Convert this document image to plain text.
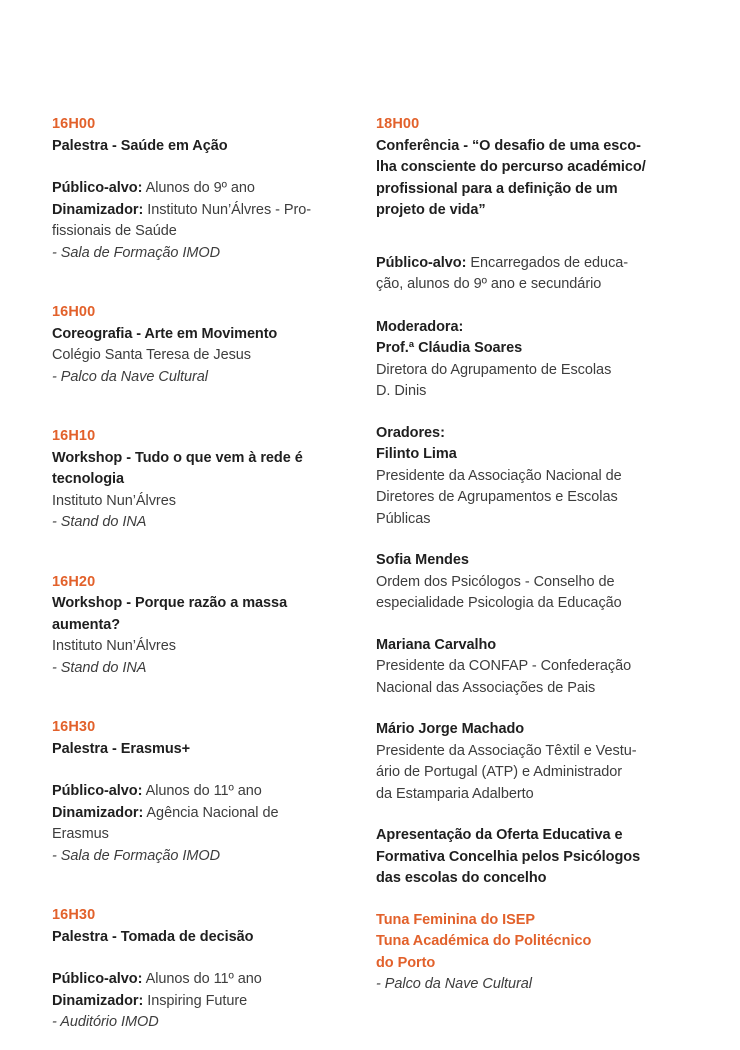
16H00
Palestra - Saúde em Ação
Público-alvo: Alunos do 9º ano
Dinamizador: Instituto Nun’Álvres - Pro-
fissionais de Saúde
- Sala de Formação IMOD
16H00
Coreografia - Arte em Movimento
Colégio Santa Teresa de Jesus
- Palco da Nave Cultural
16H10
Workshop - Tudo o que vem à rede é
tecnologia
Instituto Nun’Álvres
- Stand do INA
16H20
Workshop - Porque razão a massa
aumenta?
Instituto Nun’Álvres
- Stand do INA
16H30
Palestra - Erasmus+
Público-alvo: Alunos do 11º ano
Dinamizador: Agência Nacional de
Erasmus
- Sala de Formação IMOD
16H30
Palestra - Tomada de decisão
Público-alvo: Alunos do 11º ano
Dinamizador: Inspiring Future
- Auditório IMOD
18H00
Conferência - “O desafio de uma esco-
lha consciente do percurso académico/
profissional para a definição de um
projeto de vida”
Público-alvo: Encarregados de educa-
ção, alunos do 9º ano e secundário
Moderadora:
Prof.ª Cláudia Soares
Diretora do Agrupamento de Escolas
D. Dinis
Oradores:
Filinto Lima
Presidente da Associação Nacional de
Diretores de Agrupamentos e Escolas
Públicas
Sofia Mendes
Ordem dos Psicólogos - Conselho de
especialidade Psicologia da Educação
Mariana Carvalho
Presidente da CONFAP - Confederação
Nacional das Associações de Pais
Mário Jorge Machado
Presidente da Associação Têxtil e Vestu-
ário de Portugal (ATP) e Administrador
da Estamparia Adalberto
Apresentação da Oferta Educativa e
Formativa Concelhia pelos Psicólogos
das escolas do concelho
Tuna Feminina do ISEP
Tuna Académica do Politécnico
do Porto
- Palco da Nave Cultural
